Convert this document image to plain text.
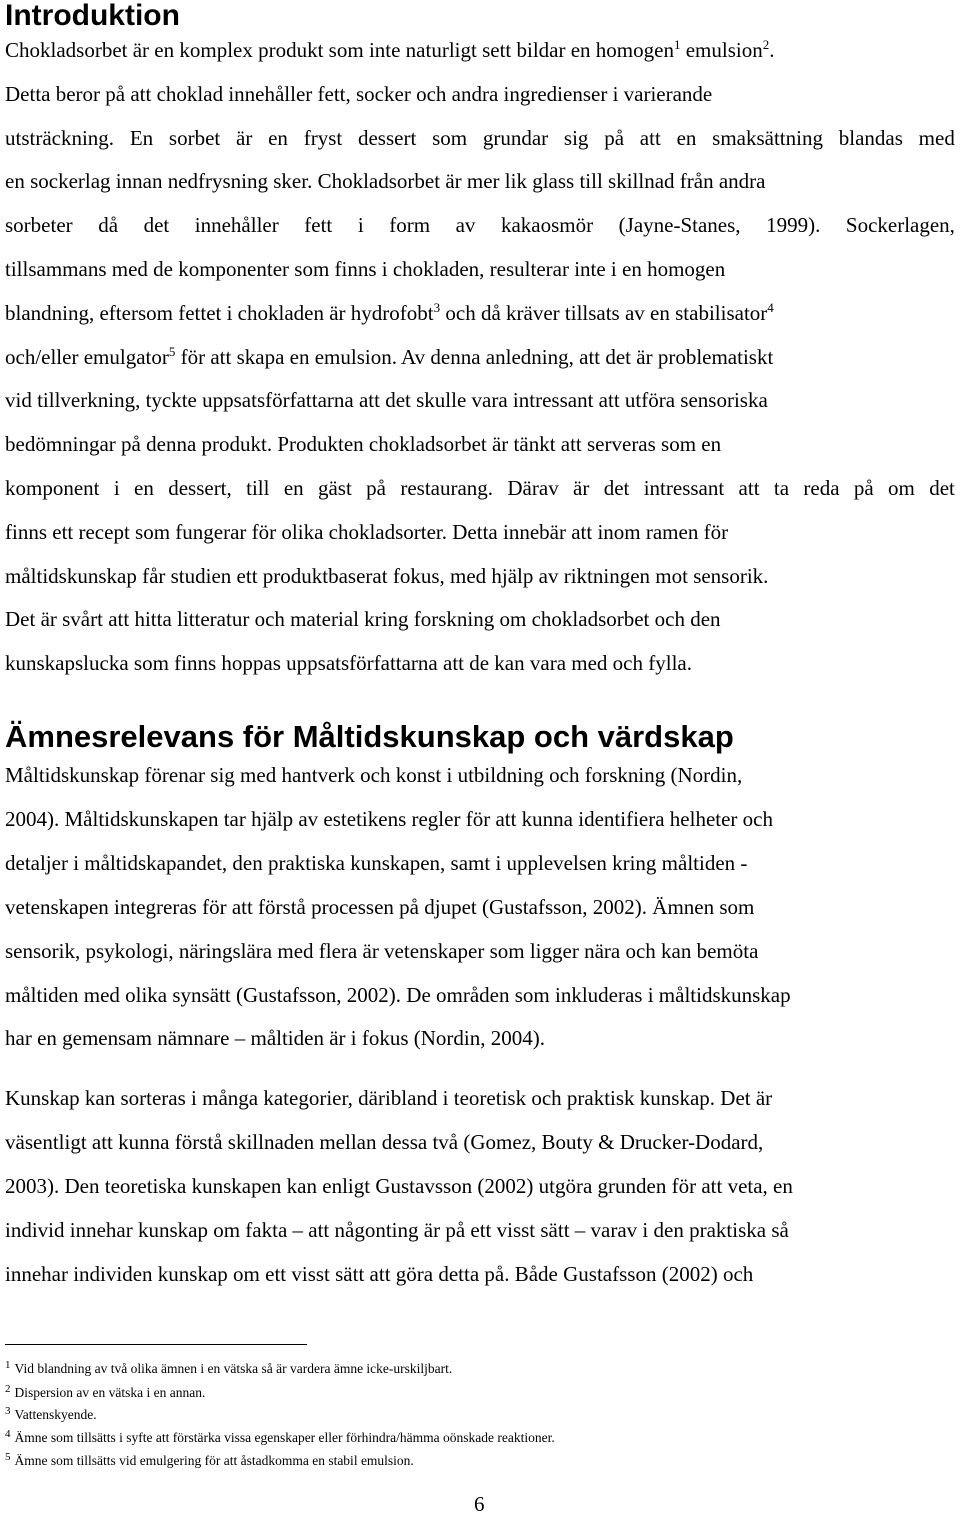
Introduktion
Chokladsorbet är en komplex produkt som inte naturligt sett bildar en homogen$^1$ emulsion$^2$.
Detta beror på att choklad innehåller fett, socker och andra ingredienser i varierande
utsträckning. En sorbet är en fryst dessert som grundar sig på att en smaksättning blandas med
en sockerlag innan nedfrysning sker. Chokladsorbet är mer lik glass till skillnad från andra
sorbeter då det innehåller fett i form av kakaosmör (Jayne-Stanes, 1999). Sockerlagen,
tillsammans med de komponenter som finns i chokladen, resulterar inte i en homogen
blandning, eftersom fettet i chokladen är hydrofobt$^3$ och då kräver tillsats av en stabilisator$^4$
och/eller emulgator$^5$ för att skapa en emulsion. Av denna anledning, att det är problematiskt
vid tillverkning, tyckte uppsatsförfattarna att det skulle vara intressant att utföra sensoriska
bedömningar på denna produkt. Produkten chokladsorbet är tänkt att serveras som en
komponent i en dessert, till en gäst på restaurang. Därav är det intressant att ta reda på om det
finns ett recept som fungerar för olika chokladsorter. Detta innebär att inom ramen för
måltidskunskap får studien ett produktbaserat fokus, med hjälp av riktningen mot sensorik.
Det är svårt att hitta litteratur och material kring forskning om chokladsorbet och den
kunskapslucka som finns hoppas uppsatsförfattarna att de kan vara med och fylla.
Ämnesrelevans för Måltidskunskap och värdskap
Måltidskunskap förenar sig med hantverk och konst i utbildning och forskning (Nordin,
2004). Måltidskunskapen tar hjälp av estetikens regler för att kunna identifiera helheter och
detaljer i måltidskapandet, den praktiska kunskapen, samt i upplevelsen kring måltiden -
vetenskapen integreras för att förstå processen på djupet (Gustafsson, 2002). Ämnen som
sensorik, psykologi, näringslära med flera är vetenskaper som ligger nära och kan bemöta
måltiden med olika synsätt (Gustafsson, 2002). De områden som inkluderas i måltidskunskap
har en gemensam nämnare – måltiden är i fokus (Nordin, 2004).
Kunskap kan sorteras i många kategorier, däribland i teoretisk och praktisk kunskap. Det är
väsentligt att kunna förstå skillnaden mellan dessa två (Gomez, Bouty & Drucker-Dodard,
2003). Den teoretiska kunskapen kan enligt Gustavsson (2002) utgöra grunden för att veta, en
individ innehar kunskap om fakta – att någonting är på ett visst sätt – varav i den praktiska så
innehar individen kunskap om ett visst sätt att göra detta på. Både Gustafsson (2002) och
$^1$ Vid blandning av två olika ämnen i en vätska så är vardera ämne icke-urskiljbart.
$^2$ Dispersion av en vätska i en annan.
$^3$ Vattenskyende.
$^4$ Ämne som tillsätts i syfte att förstärka vissa egenskaper eller förhindra/hämma oönskade reaktioner.
$^5$ Ämne som tillsätts vid emulgering för att åstadkomma en stabil emulsion.
6
